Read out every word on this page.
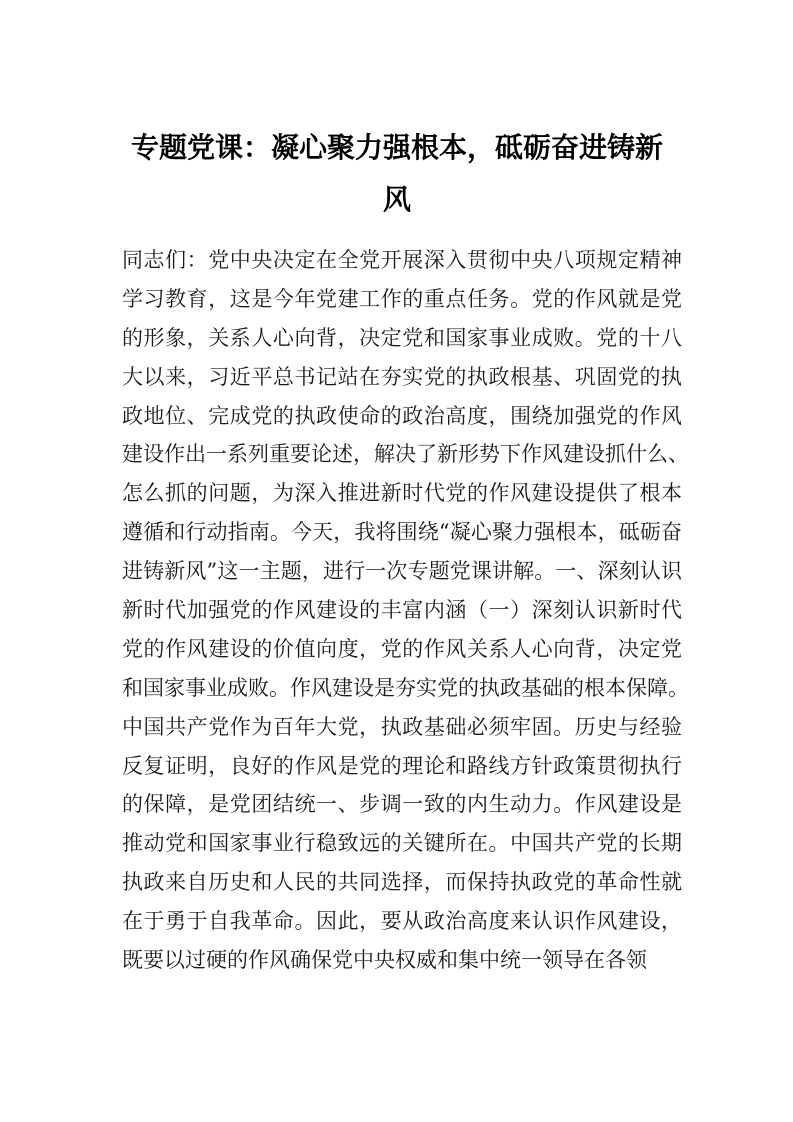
专题党课：凝心聚力强根本，砥砺奋进铸新
风
同志们：党中央决定在全党开展深入贯彻中央八项规定精神
学习教育，这是今年党建工作的重点任务。党的作风就是党
的形象，关系人心向背，决定党和国家事业成败。党的十八
大以来，习近平总书记站在夯实党的执政根基、巩固党的执
政地位、完成党的执政使命的政治高度，围绕加强党的作风
建设作出一系列重要论述，解决了新形势下作风建设抓什么、
怎么抓的问题，为深入推进新时代党的作风建设提供了根本
遵循和行动指南。今天，我将围绕“凝心聚力强根本，砥砺奋
进铸新风”这一主题，进行一次专题党课讲解。一、深刻认识
新时代加强党的作风建设的丰富内涵（一）深刻认识新时代
党的作风建设的价值向度，党的作风关系人心向背，决定党
和国家事业成败。作风建设是夯实党的执政基础的根本保障。
中国共产党作为百年大党，执政基础必须牢固。历史与经验
反复证明，良好的作风是党的理论和路线方针政策贯彻执行
的保障，是党团结统一、步调一致的内生动力。作风建设是
推动党和国家事业行稳致远的关键所在。中国共产党的长期
执政来自历史和人民的共同选择，而保持执政党的革命性就
在于勇于自我革命。因此，要从政治高度来认识作风建设，
既要以过硬的作风确保党中央权威和集中统一领导在各领
